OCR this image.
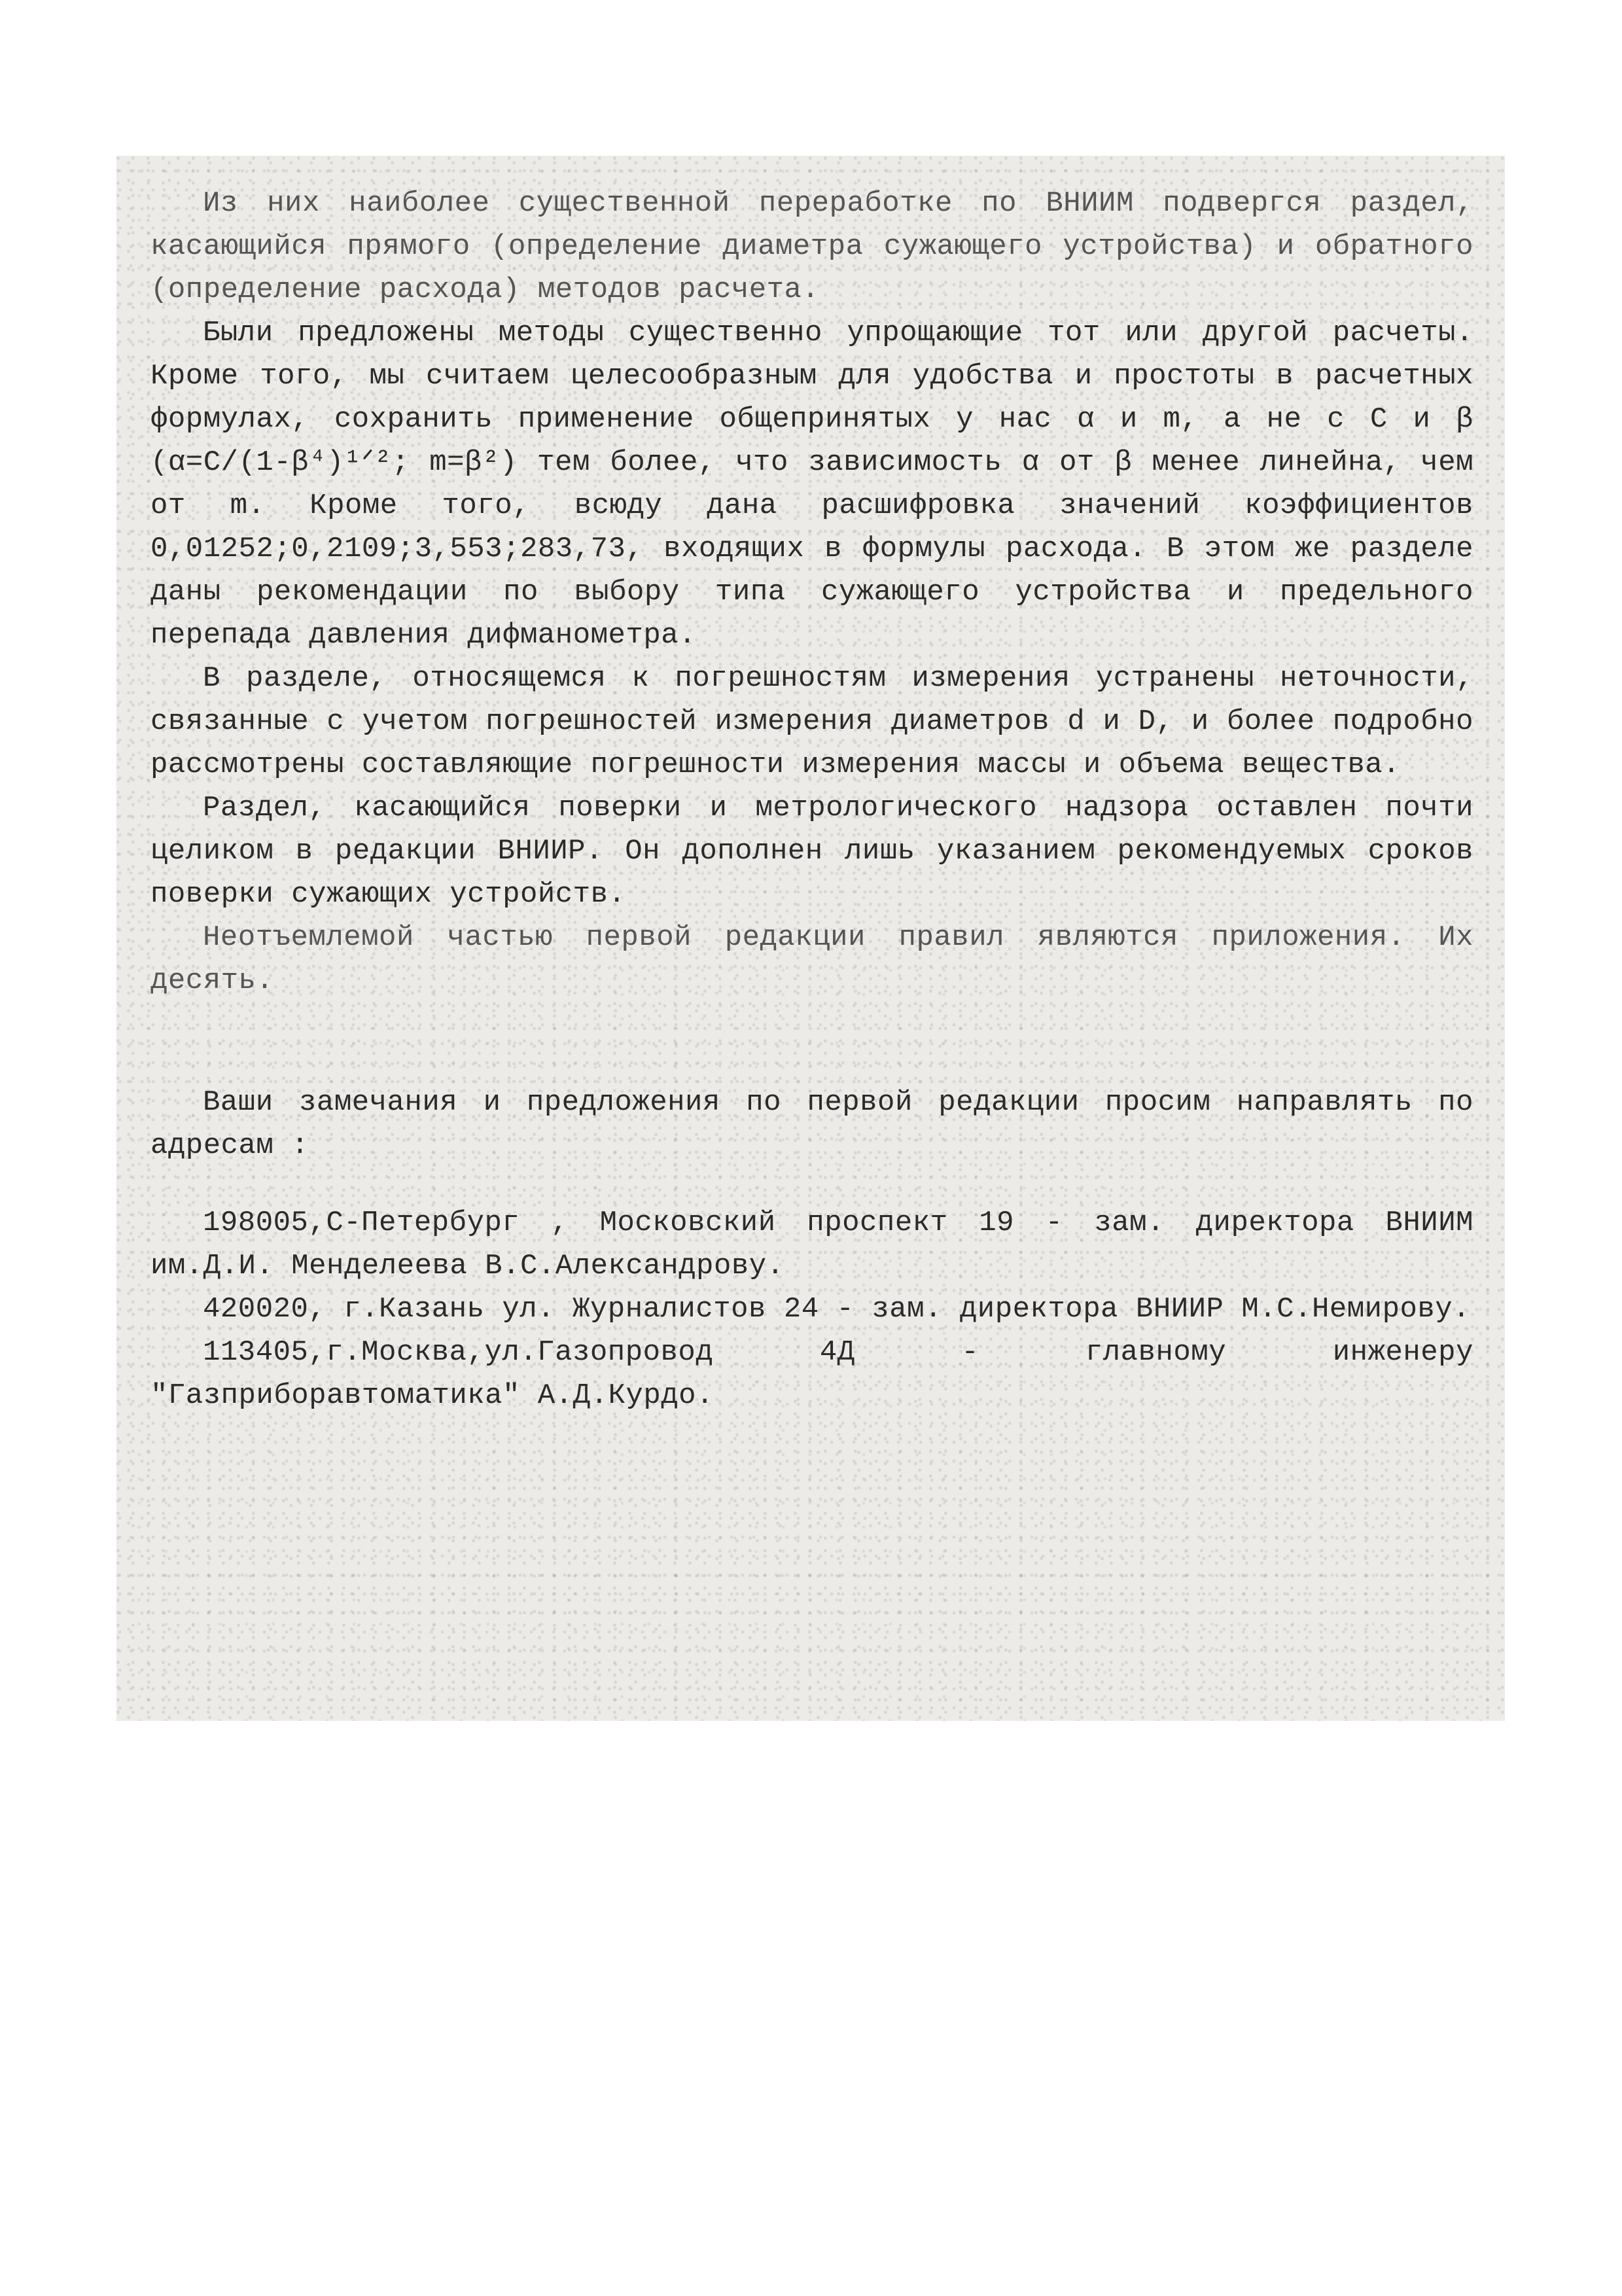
Из них наиболее существенной переработке по ВНИИМ подвергся раздел, касающийся прямого (определение диаметра сужающего устройства) и обратного (определение расхода) методов расчета.

Были предложены методы существенно упрощающие тот или другой расчеты. Кроме того, мы считаем целесообразным для удобства и простоты в расчетных формулах, сохранить применение общепринятых у нас α и m, а не с C и β (α=C/(1-β⁴)¹ᐟ²; m=β²) тем более, что зависимость α от β менее линейна, чем от m. Кроме того, всюду дана расшифровка значений коэффициентов 0,01252;0,2109;3,553;283,73, входящих в формулы расхода. В этом же разделе даны рекомендации по выбору типа сужающего устройства и предельного перепада давления дифманометра.

В разделе, относящемся к погрешностям измерения устранены неточности, связанные с учетом погрешностей измерения диаметров d и D, и более подробно рассмотрены составляющие погрешности измерения массы и объема вещества.

Раздел, касающийся поверки и метрологического надзора оставлен почти целиком в редакции ВНИИР. Он дополнен лишь указанием рекомендуемых сроков поверки сужающих устройств.

Неотъемлемой частью первой редакции правил являются приложения. Их десять.

Ваши замечания и предложения по первой редакции просим направлять по адресам :

198005,С-Петербург , Московский проспект 19 - зам. директора ВНИИМ им.Д.И. Менделеева В.С.Александрову.

420020, г.Казань ул. Журналистов 24 - зам. директора ВНИИР М.С.Немирову.

113405,г.Москва,ул.Газопровод 4Д - главному инженеру "Газприборавтоматика" А.Д.Курдо.
